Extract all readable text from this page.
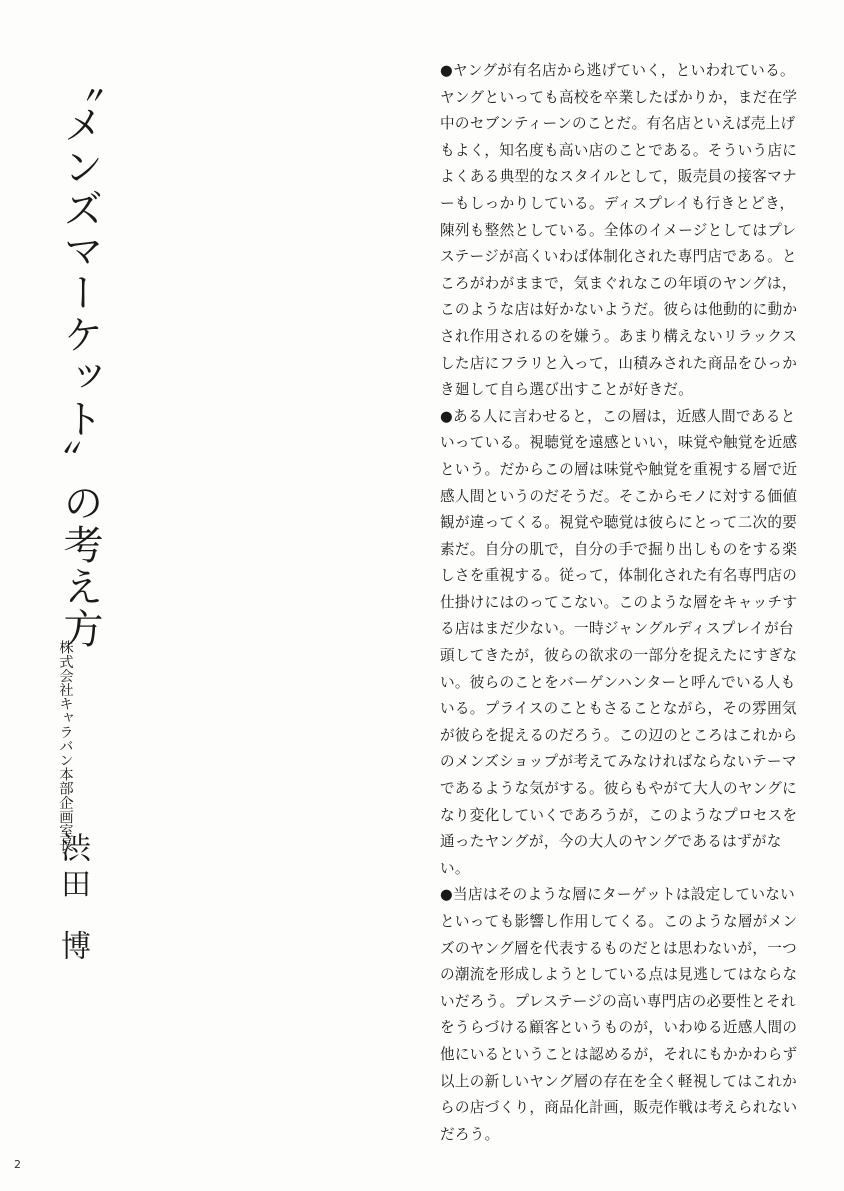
〝メンズマーケット〟の考え方
株式会社キャラバン本部企画室長
渋田
博

●ヤングが有名店から逃げていく，といわれている。ヤングといっても高校を卒業したばかりか，まだ在学中のセブンティーンのことだ。有名店といえば売上げもよく，知名度も高い店のことである。そういう店によくある典型的なスタイルとして，販売員の接客マナーもしっかりしている。ディスプレイも行きとどき，陳列も整然としている。全体のイメージとしてはプレステージが高くいわば体制化された専門店である。ところがわがままで，気まぐれなこの年頃のヤングは，このような店は好かないようだ。彼らは他動的に動かされ作用されるのを嫌う。あまり構えないリラックスした店にフラリと入って，山積みされた商品をひっかき廻して自ら選び出すことが好きだ。

●ある人に言わせると，この層は，近感人間であるといっている。視聴覚を遠感といい，味覚や触覚を近感という。だからこの層は味覚や触覚を重視する層で近感人間というのだそうだ。そこからモノに対する価値観が違ってくる。視覚や聴覚は彼らにとって二次的要素だ。自分の肌で，自分の手で掘り出しものをする楽しさを重視する。従って，体制化された有名専門店の仕掛けにはのってこない。このような層をキャッチする店はまだ少ない。一時ジャングルディスプレイが台頭してきたが，彼らの欲求の一部分を捉えたにすぎない。彼らのことをバーゲンハンターと呼んでいる人もいる。プライスのこともさることながら，その雰囲気が彼らを捉えるのだろう。この辺のところはこれからのメンズショップが考えてみなければならないテーマであるような気がする。彼らもやがて大人のヤングになり変化していくであろうが，このようなプロセスを通ったヤングが，今の大人のヤングであるはずがない。

●当店はそのような層にターゲットは設定していないといっても影響し作用してくる。このような層がメンズのヤング層を代表するものだとは思わないが，一つの潮流を形成しようとしている点は見逃してはならないだろう。プレステージの高い専門店の必要性とそれをうらづける顧客というものが，いわゆる近感人間の他にいるということは認めるが，それにもかかわらず以上の新しいヤング層の存在を全く軽視してはこれからの店づくり，商品化計画，販売作戦は考えられないだろう。

2
